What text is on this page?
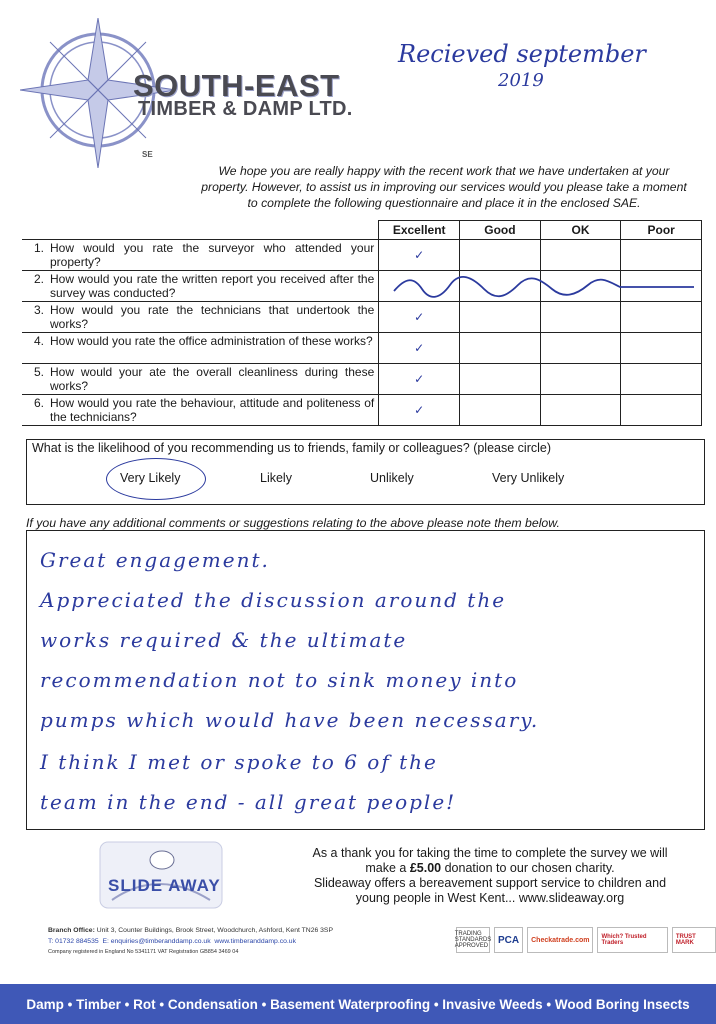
SOUTH-EAST
TIMBER & DAMP LTD.
SE
Recieved september
2019
We hope you are really happy with the recent work that we have undertaken at your property. However, to assist us in improving our services would you please take a moment to complete the following questionnaire and place it in the enclosed SAE.
	Excellent	Good	OK	Poor

1. How would you rate the surveyor who attended your property?	✓			

2. How would you rate the written report you received after the survey was conducted?				

3. How would you rate the technicians that undertook the works?	✓			

4. How would you rate the office administration of these works?	✓			

5. How would your ate the overall cleanliness during these works?	✓			

6. How would you rate the behaviour, attitude and politeness of the technicians?	✓			
What is the likelihood of you recommending us to friends, family or colleagues? (please circle)
Very Likely	Likely	Unlikely	Very Unlikely
If you have any additional comments or suggestions relating to the above please note them below.
Great engagement.
Appreciated the discussion around the
works required & the ultimate
recommendation not to sink money into
pumps which would have been necessary.
I think I met or spoke to 6 of the
team in the end - all great people!
SLIDE AWAY
As a thank you for taking the time to complete the survey we will
make a £5.00 donation to our chosen charity.
Slideaway offers a bereavement support service to children and
young people in West Kent... www.slideaway.org
Branch Office: Unit 3, Counter Buildings, Brook Street, Woodchurch, Ashford, Kent TN26 3SP
T: 01732 884535 E: enquiries@timberanddamp.co.uk www.timberanddamp.co.uk
Company registered in England No 5341171 VAT Registration GB854 3469 04
TRADING STANDARDS APPROVED
PCA	Checkatrade.com	Which? Trusted Traders
TRUST MARK
Damp • Timber • Rot • Condensation • Basement Waterproofing • Invasive Weeds • Wood Boring Insects
